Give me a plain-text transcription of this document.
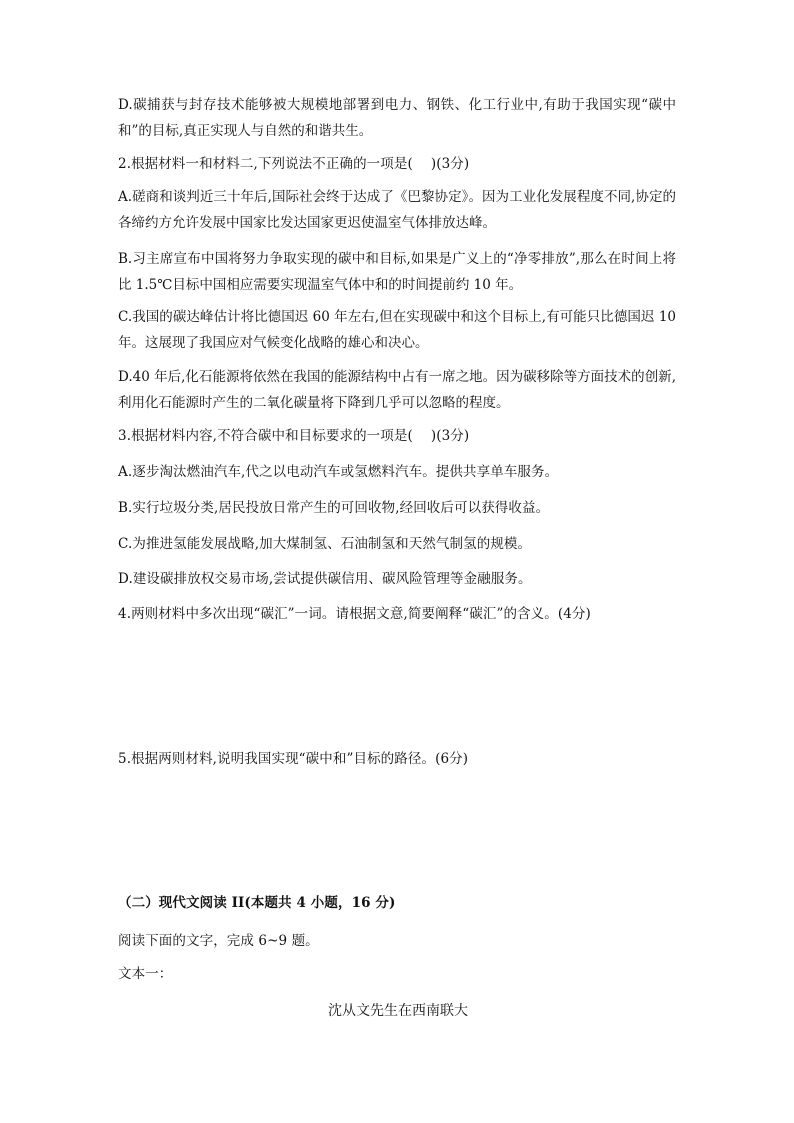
D.碳捕获与封存技术能够被大规模地部署到电力、钢铁、化工行业中,有助于我国实现“碳中和”的目标,真正实现人与自然的和谐共生。
2.根据材料一和材料二,下列说法不正确的一项是(　 )(3分)
A.磋商和谈判近三十年后,国际社会终于达成了《巴黎协定》。因为工业化发展程度不同,协定的各缔约方允许发展中国家比发达国家更迟使温室气体排放达峰。
B.习主席宣布中国将努力争取实现的碳中和目标,如果是广义上的“净零排放”,那么在时间上将比 1.5℃目标中国相应需要实现温室气体中和的时间提前约 10 年。
C.我国的碳达峰估计将比德国迟 60 年左右,但在实现碳中和这个目标上,有可能只比德国迟 10 年。这展现了我国应对气候变化战略的雄心和决心。
D.40 年后,化石能源将依然在我国的能源结构中占有一席之地。因为碳移除等方面技术的创新,利用化石能源时产生的二氧化碳量将下降到几乎可以忽略的程度。
3.根据材料内容,不符合碳中和目标要求的一项是(　 )(3分)
A.逐步淘汰燃油汽车,代之以电动汽车或氢燃料汽车。提供共享单车服务。
B.实行垃圾分类,居民投放日常产生的可回收物,经回收后可以获得收益。
C.为推进氢能发展战略,加大煤制氢、石油制氢和天然气制氢的规模。
D.建设碳排放权交易市场,尝试提供碳信用、碳风险管理等金融服务。
4.两则材料中多次出现“碳汇”一词。请根据文意,简要阐释“碳汇”的含义。(4分)
5.根据两则材料,说明我国实现“碳中和”目标的路径。(6分)
（二）现代文阅读 II(本题共 4 小题，16 分)
阅读下面的文字，完成 6~9 题。
文本一：
沈从文先生在西南联大
